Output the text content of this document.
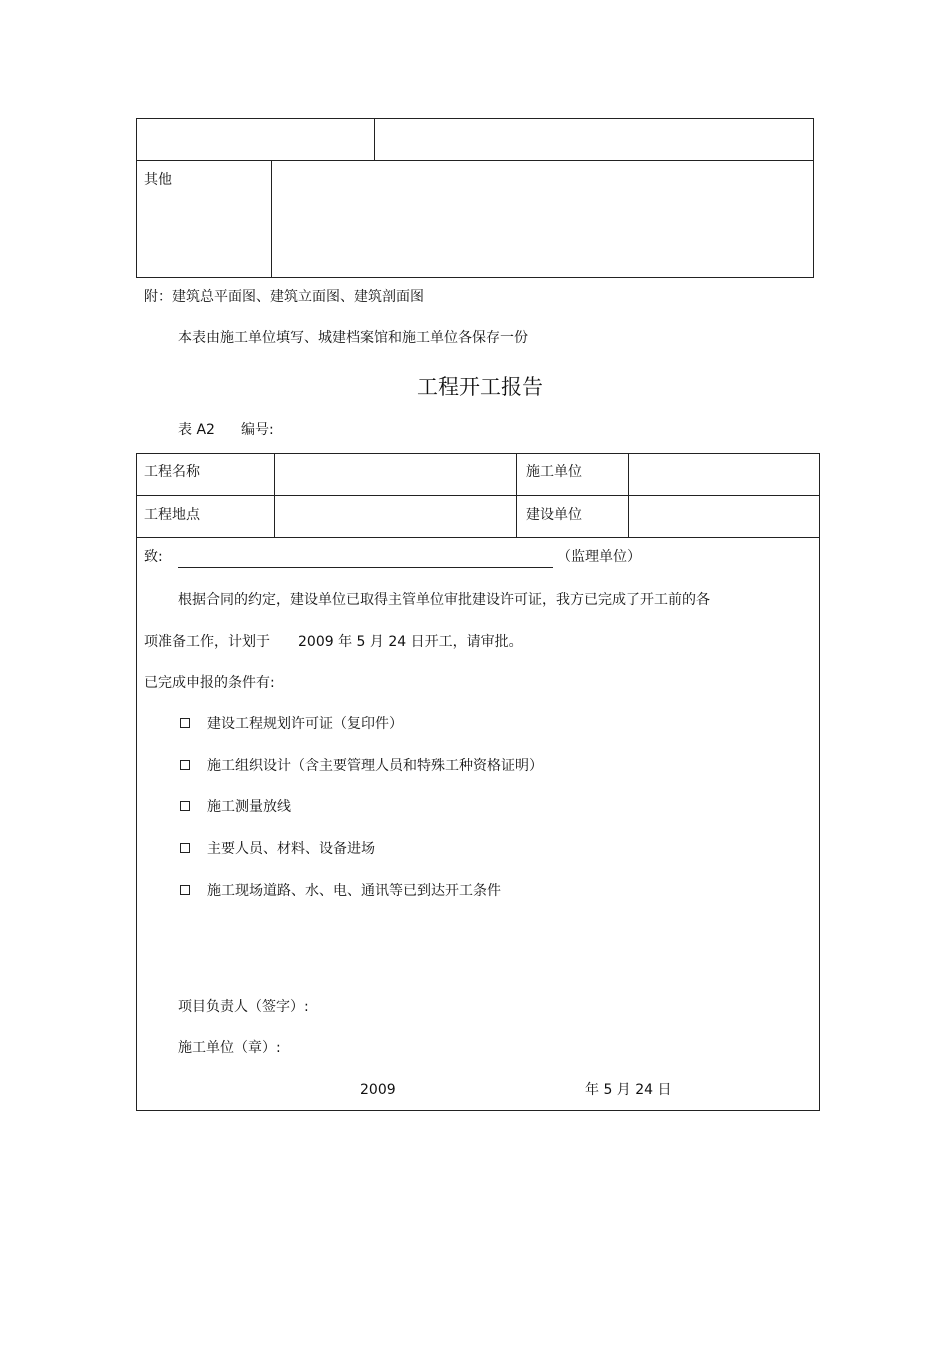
其他
附：建筑总平面图、建筑立面图、建筑剖面图
本表由施工单位填写、城建档案馆和施工单位各保存一份
工程开工报告
表 A2 编号:
工程名称	施工单位
工程地点	建设单位
致:	（监理单位）
根据合同的约定，建设单位已取得主管单位审批建设许可证，我方已完成了开工前的各
项准备工作，计划于 2009 年 5 月 24 日开工，请审批。
已完成申报的条件有:
建设工程规划许可证（复印件）
施工组织设计（含主要管理人员和特殊工种资格证明）
施工测量放线
主要人员、材料、设备进场
施工现场道路、水、电、通讯等已到达开工条件
项目负责人（签字）:
施工单位（章）:
2009	年 5 月 24 日
